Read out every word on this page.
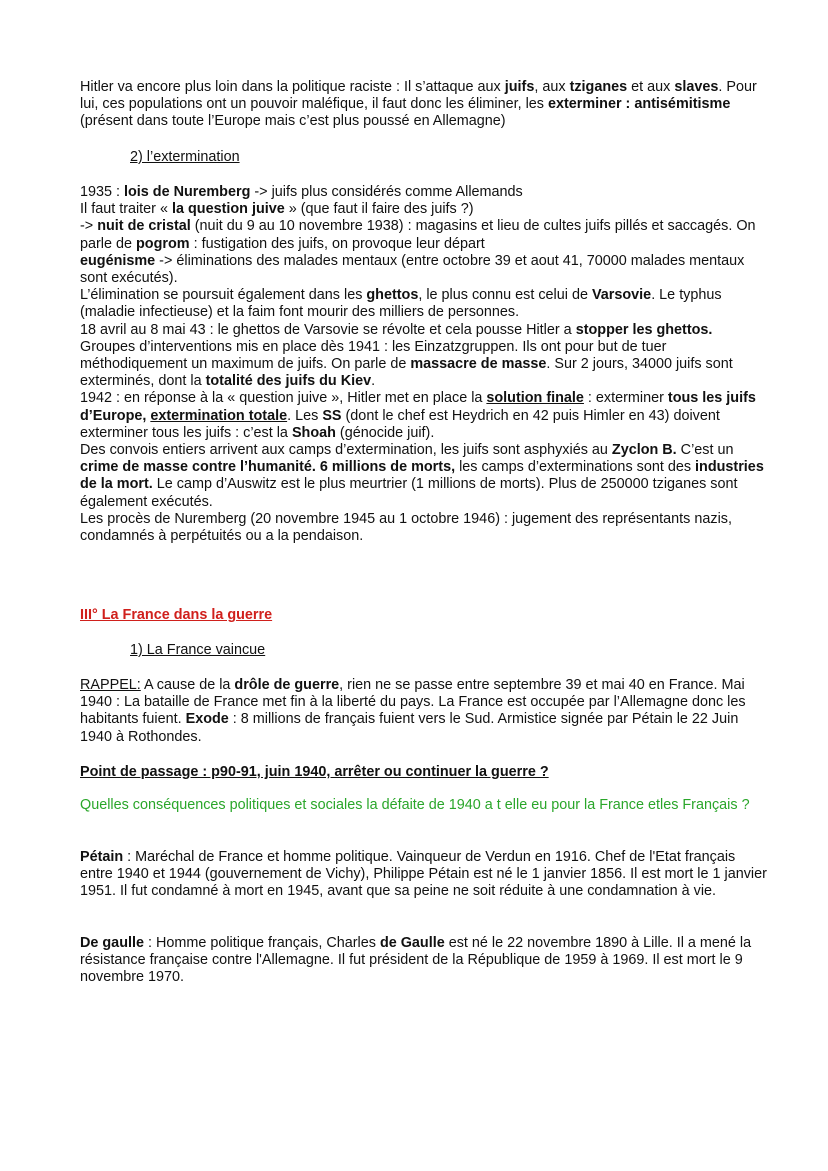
Hitler va encore plus loin dans la politique raciste : Il s’attaque aux juifs, aux tziganes et aux slaves. Pour lui, ces populations ont un pouvoir maléfique, il faut donc les éliminer, les exterminer : antisémitisme (présent dans toute l’Europe mais c’est plus poussé en Allemagne)

2) l’extermination

1935 : lois de Nuremberg -> juifs plus considérés comme Allemands

Il faut traiter « la question juive » (que faut il faire des juifs ?)

-> nuit de cristal (nuit du 9 au 10 novembre 1938) : magasins et lieu de cultes juifs pillés et saccagés. On parle de pogrom : fustigation des juifs, on provoque leur départ

eugénisme -> éliminations des malades mentaux (entre octobre 39 et aout 41, 70000 malades mentaux sont exécutés).

L’élimination se poursuit également dans les ghettos, le plus connu est celui de Varsovie. Le typhus (maladie infectieuse) et la faim font mourir des milliers de personnes.

18 avril au 8 mai 43 : le ghettos de Varsovie se révolte et cela pousse Hitler a stopper les ghettos.

Groupes d’interventions mis en place dès 1941 : les Einzatzgruppen. Ils ont pour but de tuer méthodiquement un maximum de juifs. On parle de massacre de masse. Sur 2 jours, 34000 juifs sont exterminés, dont la totalité des juifs du Kiev.

1942 : en réponse à la « question juive », Hitler met en place la solution finale : exterminer tous les juifs d’Europe, extermination totale. Les SS (dont le chef est Heydrich en 42 puis Himler en 43) doivent exterminer tous les juifs : c’est la Shoah (génocide juif).

Des convois entiers arrivent aux camps d’extermination, les juifs sont asphyxiés au Zyclon B. C’est un crime de masse contre l’humanité. 6 millions de morts, les camps d’exterminations sont des industries de la mort. Le camp d’Auswitz est le plus meurtrier (1 millions de morts). Plus de 250000 tziganes sont également exécutés.

Les procès de Nuremberg (20 novembre 1945 au 1 octobre 1946) : jugement des représentants nazis, condamnés à perpétuités ou a la pendaison.

III° La France dans la guerre

1) La France vaincue

RAPPEL: A cause de la drôle de guerre, rien ne se passe entre septembre 39 et mai 40 en France. Mai 1940 : La bataille de France met fin à la liberté du pays. La France est occupée par l’Allemagne donc les habitants fuient. Exode : 8 millions de français fuient vers le Sud. Armistice signée par Pétain le 22 Juin 1940 à Rothondes.

Point de passage : p90-91, juin 1940, arrêter ou continuer la guerre ?

Quelles conséquences politiques et sociales la défaite de 1940 a t elle eu pour la France etles Français ?

Pétain : Maréchal de France et homme politique. Vainqueur de Verdun en 1916. Chef de l'Etat français entre 1940 et 1944 (gouvernement de Vichy), Philippe Pétain est né le 1 janvier 1856. Il est mort le 1 janvier 1951. Il fut condamné à mort en 1945, avant que sa peine ne soit réduite à une condamnation à vie.

De gaulle : Homme politique français, Charles de Gaulle est né le 22 novembre 1890 à Lille. Il a mené la résistance française contre l'Allemagne. Il fut président de la République de 1959 à 1969. Il est mort le 9 novembre 1970.
